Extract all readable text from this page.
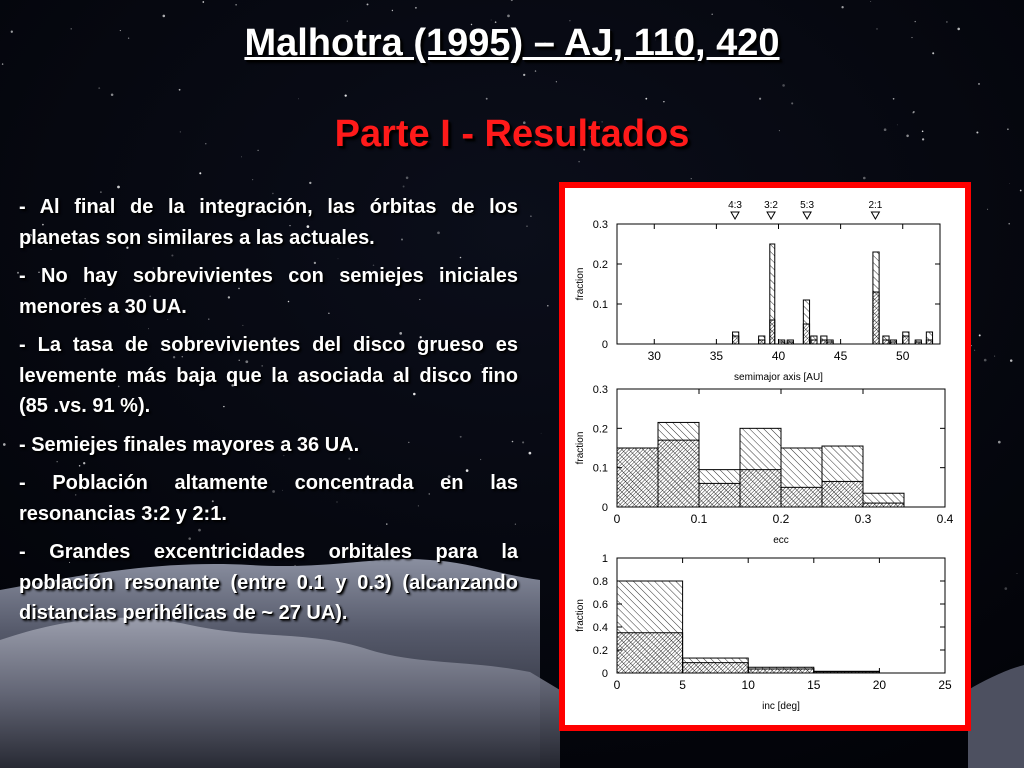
Malhotra (1995) – AJ, 110, 420
Parte I - Resultados

- Al final de la integración, las órbitas de los planetas son similares a las actuales.

- No hay sobrevivientes con semiejes iniciales menores a 30 UA.

- La tasa de sobrevivientes del disco grueso es levemente más baja que la asociada al disco fino (85 .vs. 91 %).

- Semiejes finales mayores a 36 UA.

- Población altamente concentrada en las resonancias 3:2 y 2:1.

- Grandes excentricidades orbitales para la población resonante (entre 0.1 y 0.3) (alcanzando distancias perihélicas de ~ 27 UA).

30	35	40	45	50
0
0.1
0.2
0.3
semimajor axis [AU]
fraction
4:3 3:2 5:3	2:1
0	0.1	0.2	0.3	0.4
0
0.1
0.2
0.3
ecc
fraction
0	5	10	15	20	25
0
0.2
0.4
0.6
0.8
1
inc [deg]
fraction
